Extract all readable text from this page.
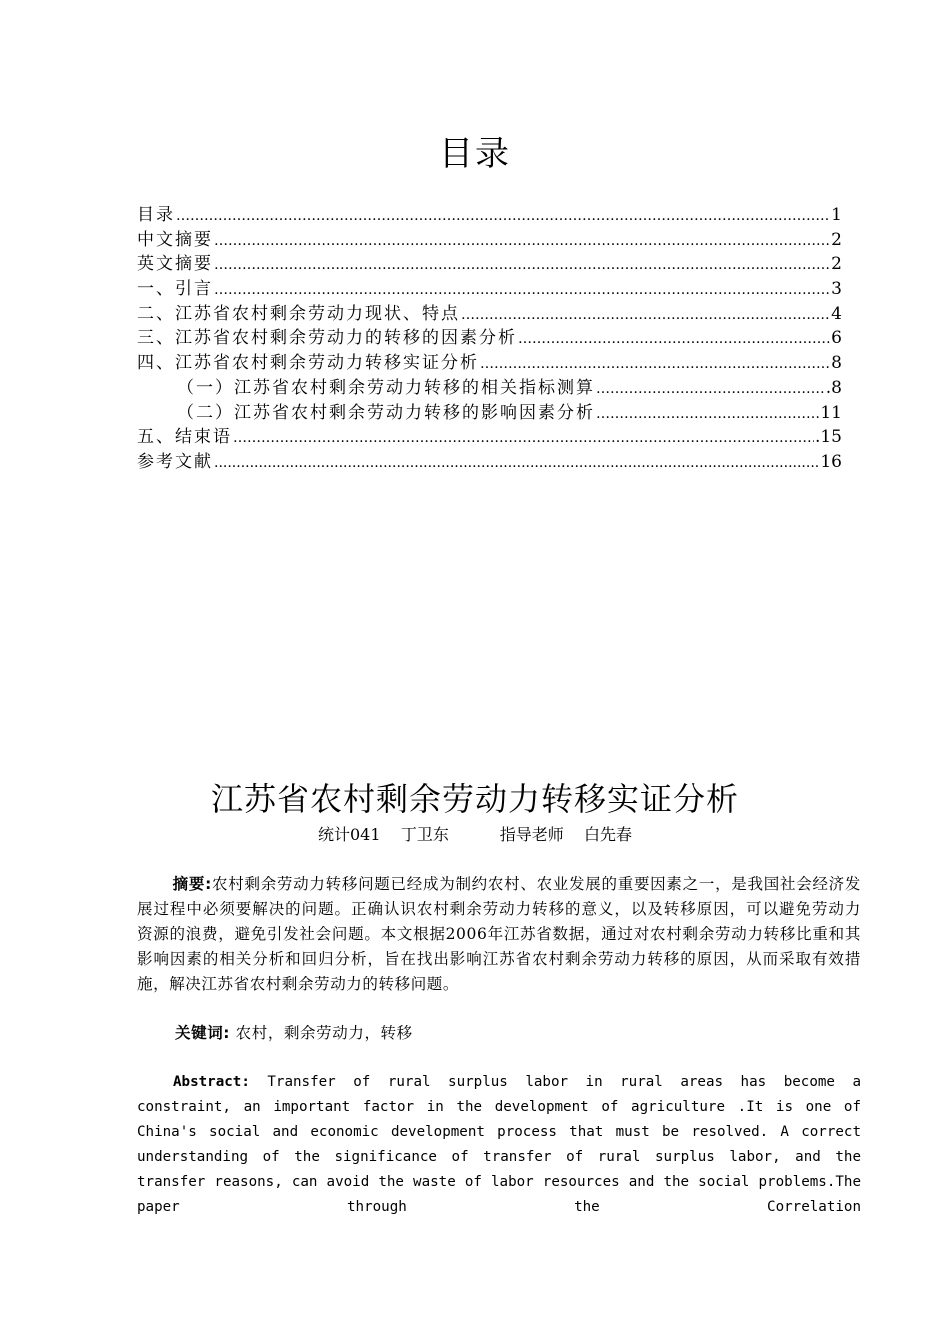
目录
目录 ………………………………………………………………………………………………………………………………………………………………………………………………………………………………	1
中文摘要 ………………………………………………………………………………………………………………………………………………………………………………………………………………………………	2
英文摘要 ………………………………………………………………………………………………………………………………………………………………………………………………………………………………	2
一、引言 ………………………………………………………………………………………………………………………………………………………………………………………………………………………………	3
二、江苏省农村剩余劳动力现状、特点 ………………………………………………………………………………………………………………………………………………………………………………………………………………………………	4
三、江苏省农村剩余劳动力的转移的因素分析 ………………………………………………………………………………………………………………………………………………………………………………………………………………………………	6
四、江苏省农村剩余劳动力转移实证分析 ………………………………………………………………………………………………………………………………………………………………………………………………………………………………	8
（一）江苏省农村剩余劳动力转移的相关指标测算 ………………………………………………………………………………………………………………………………………………………………………………………………………………………………	.8
（二）江苏省农村剩余劳动力转移的影响因素分析 ………………………………………………………………………………………………………………………………………………………………………………………………………………………………	11
五、结束语 ………………………………………………………………………………………………………………………………………………………………………………………………………………………………	.15
参考文献 .....	16
江苏省农村剩余劳动力转移实证分析
统计041    丁卫东          指导老师    白先春

摘要:农村剩余劳动力转移问题已经成为制约农村、农业发展的重要因素之一，是我国社会经济发展过程中必须要解决的问题。正确认识农村剩余劳动力转移的意义，以及转移原因，可以避免劳动力资源的浪费，避免引发社会问题。本文根据2006年江苏省数据，通过对农村剩余劳动力转移比重和其影响因素的相关分析和回归分析，旨在找出影响江苏省农村剩余劳动力转移的原因，从而采取有效措施，解决江苏省农村剩余劳动力的转移问题。

关键词: 农村，剩余劳动力，转移

Abstract: Transfer of rural surplus labor in rural areas has become a constraint, an important factor in the development of agriculture .It is one of China's social and economic development process that must be resolved. A correct understanding of the significance of transfer of rural surplus labor, and the transfer reasons, can avoid the waste of labor resources and the social problems.The paper through the Correlation
